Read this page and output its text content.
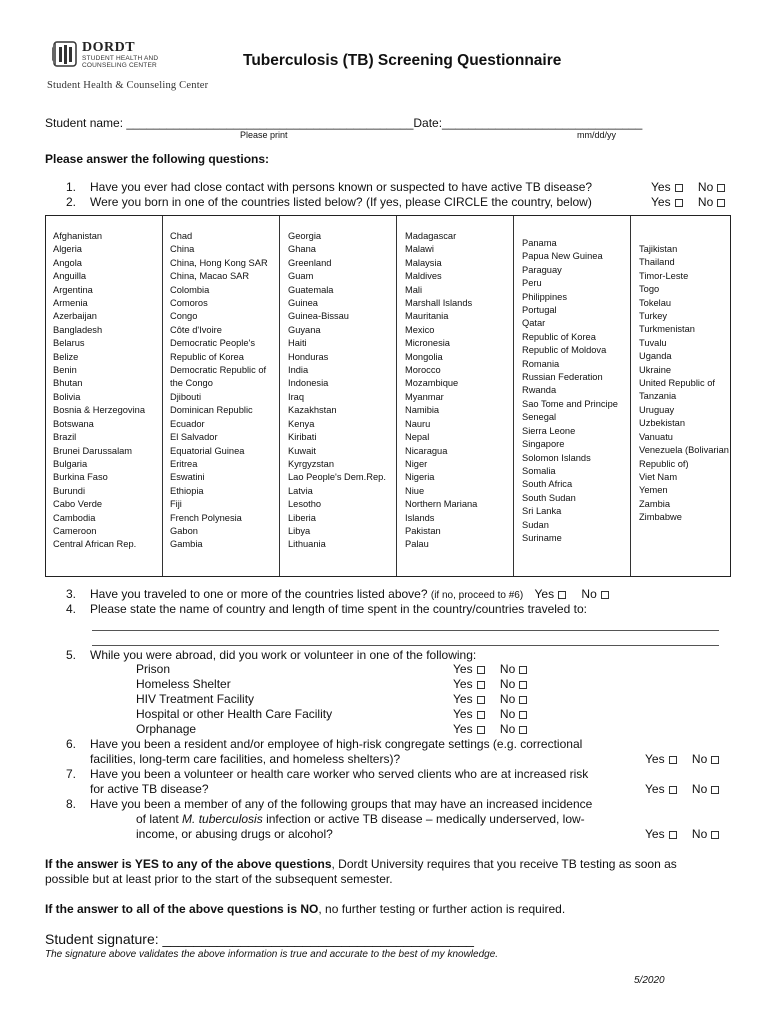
DORDT
STUDENT HEALTH AND
COUNSELING CENTER	Tuberculosis (TB) Screening Questionnaire
Student Health & Counseling Center
Student name: ___________________________________________Date:______________________________
Please print	mm/dd/yy
Please answer the following questions:
1. Have you ever had close contact with persons known or suspected to have active TB disease?	Yes No
2. Were you born in one of the countries listed below? (If yes, please CIRCLE the country, below)	Yes No
Afghanistan
Algeria
Angola
Anguilla
Argentina
Armenia
Azerbaijan
Bangladesh
Belarus
Belize
Benin
Bhutan
Bolivia
Bosnia & Herzegovina
Botswana
Brazil
Brunei Darussalam
Bulgaria
Burkina Faso
Burundi
Cabo Verde
Cambodia
Cameroon
Central African Rep.
Chad
China
China, Hong Kong SAR
China, Macao SAR
Colombia
Comoros
Congo
Côte d'Ivoire
Democratic People's
Republic of Korea
Democratic Republic of
the Congo
Djibouti
Dominican Republic
Ecuador
El Salvador
Equatorial Guinea
Eritrea
Eswatini
Ethiopia
Fiji
French Polynesia
Gabon
Gambia
Georgia
Ghana
Greenland
Guam
Guatemala
Guinea
Guinea-Bissau
Guyana
Haiti
Honduras
India
Indonesia
Iraq
Kazakhstan
Kenya
Kiribati
Kuwait
Kyrgyzstan
Lao People's Dem.Rep.
Latvia
Lesotho
Liberia
Libya
Lithuania
Madagascar
Malawi
Malaysia
Maldives
Mali
Marshall Islands
Mauritania
Mexico
Micronesia
Mongolia
Morocco
Mozambique
Myanmar
Namibia
Nauru
Nepal
Nicaragua
Niger
Nigeria
Niue
Northern Mariana
Islands
Pakistan
Palau
Panama
Papua New Guinea
Paraguay
Peru
Philippines
Portugal
Qatar
Republic of Korea
Republic of Moldova
Romania
Russian Federation
Rwanda
Sao Tome and Principe
Senegal
Sierra Leone
Singapore
Solomon Islands
Somalia
South Africa
South Sudan
Sri Lanka
Sudan
Suriname
Tajikistan
Thailand
Timor-Leste
Togo
Tokelau
Turkey
Turkmenistan
Tuvalu
Uganda
Ukraine
United Republic of
Tanzania
Uruguay
Uzbekistan
Vanuatu
Venezuela (Bolivarian
Republic of)
Viet Nam
Yemen
Zambia
Zimbabwe
3. Have you traveled to one or more of the countries listed above? (if no, proceed to #6) Yes No
4. Please state the name of country and length of time spent in the country/countries traveled to:
5. While you were abroad, did you work or volunteer in one of the following:
Prison	Yes No
Homeless Shelter	Yes No
HIV Treatment Facility	Yes No
Hospital or other Health Care Facility	Yes No
Orphanage	Yes No
6. Have you been a resident and/or employee of high-risk congregate settings (e.g. correctional
facilities, long-term care facilities, and homeless shelters)?	Yes No
7. Have you been a volunteer or health care worker who served clients who are at increased risk
for active TB disease?	Yes No
8. Have you been a member of any of the following groups that may have an increased incidence
of latent M. tuberculosis infection or active TB disease – medically underserved, low-
income, or abusing drugs or alcohol?	Yes No
If the answer is YES to any of the above questions, Dordt University requires that you receive TB testing as soon as
possible but at least prior to the start of the subsequent semester.
If the answer to all of the above questions is NO, no further testing or further action is required.
Student signature: ________________________________________
The signature above validates the above information is true and accurate to the best of my knowledge.
5/2020
